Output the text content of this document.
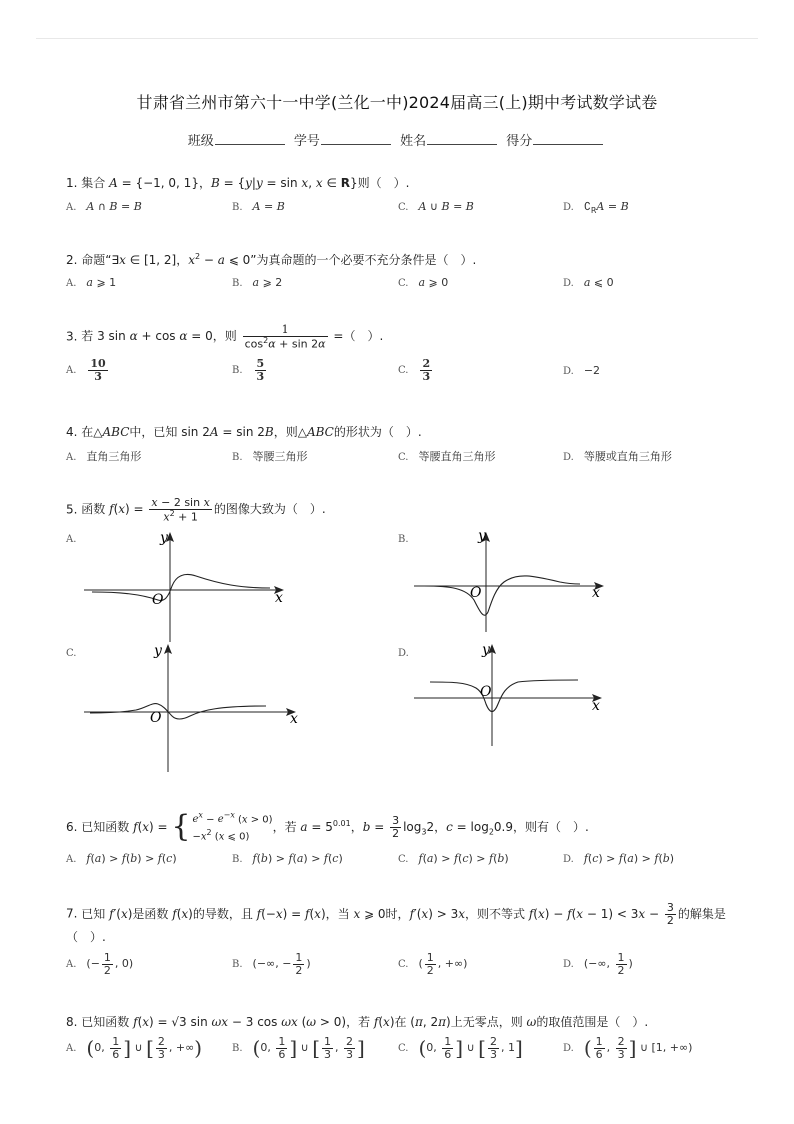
甘肃省兰州市第六十一中学(兰化一中)2024届高三(上)期中考试数学试卷
班级	学号	姓名	得分
1. 集合 A = {−1, 0, 1}，B = {y|y = sin x, x ∈ R}则（　）.
A. A ∩ B = B	B. A = B	C. A ∪ B = B	D. $∁_RA = B$
2. 命题“∃x ∈ [1, 2]，$x^2 - a$ ⩽ 0”为真命题的一个必要不充分条件是（　）.
A. a ⩾ 1	B. a ⩾ 2	C. a ⩾ 0	D. a ⩽ 0
3. 若 3 sin α + cos α = 0，则 $\frac{1}{\cos^2\alpha + \sin 2\alpha}$ =（　）.
A. $\frac{10}{3}$	B. $\frac{5}{3}$	C. $\frac{2}{3}$	D. −2
4. 在△ABC中，已知 sin 2A = sin 2B，则△ABC的形状为（　）.
A. 直角三角形	B. 等腰三角形	C. 等腰直角三角形	D. 等腰或直角三角形
5. 函数 $f(x) = \frac{\text{x − 2 sin x}}{x^2 + 1}$ 的图像大致为（　）.
A.
x
y
O
B.
x
y
O
C.
x
y
O
D.
x
y
O
6. 已知函数 f(x) = { $e^x - e^{-x}$ (x > 0)
$-x^2$ (x ⩽ 0)
，若 $a = 5^{0.01}$，$b = \frac{3}{2} \log_32$，$c = \log_20.9$，则有（　）.
A. f(a) > f(b) > f(c)	B. f(b) > f(a) > f(c)	C. f(a) > f(c) > f(b)	D. f(c) > f(a) > f(b)
7. 已知 f′(x)是函数 f(x)的导数，且 f(−x) = f(x)，当 x ⩾ 0时，f′(x) > 3x，则不等式 $f(x) - f(x - 1) < 3x - \frac{3}{2}$ 的解集是（　）.
A. (− $\frac{1}{2}$ , 0)	B. (−∞, − $\frac{1}{2}$ )	C. ( $\frac{1}{2}$ , +∞)	D. (−∞, $\frac{1}{2}$ )
8. 已知函数 f(x) = √3 sin ωx − 3 cos ωx (ω > 0)，若 f(x)在 (π, 2π)上无零点，则 ω的取值范围是（　）.
A. (0, $\frac{1}{6}$ ] ∪ [ $\frac{2}{3}$ , +∞)	B. (0, $\frac{1}{6}$ ] ∪ [ $\frac{1}{3}$ , $\frac{2}{3}$ ]	C. (0, $\frac{1}{6}$ ] ∪ [ $\frac{2}{3}$ , 1]	D. ( $\frac{1}{6}$ , $\frac{2}{3}$ ] ∪ [1, +∞)
